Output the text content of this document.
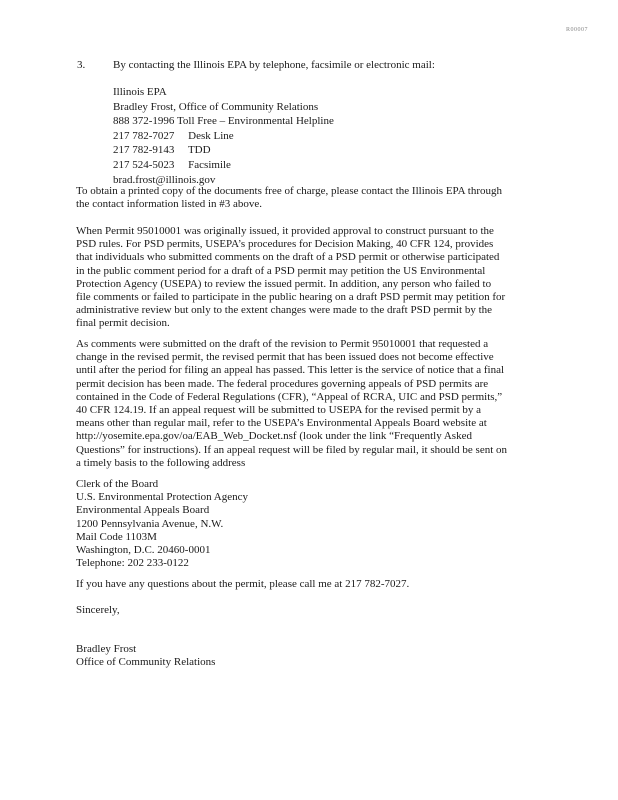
R00007
3.	By contacting the Illinois EPA by telephone, facsimile or electronic mail:
Illinois EPA
Bradley Frost, Office of Community Relations
888 372-1996 Toll Free – Environmental Helpline
217 782-7027     Desk Line
217 782-9143     TDD
217 524-5023     Facsimile
brad.frost@illinois.gov
To obtain a printed copy of the documents free of charge, please contact the Illinois EPA through
the contact information listed in #3 above.
When Permit 95010001 was originally issued, it provided approval to construct pursuant to the
PSD rules. For PSD permits, USEPA’s procedures for Decision Making, 40 CFR 124, provides
that individuals who submitted comments on the draft of a PSD permit or otherwise participated
in the public comment period for a draft of a PSD permit may petition the US Environmental
Protection Agency (USEPA) to review the issued permit. In addition, any person who failed to
file comments or failed to participate in the public hearing on a draft PSD permit may petition for
administrative review but only to the extent changes were made to the draft PSD permit by the
final permit decision.
As comments were submitted on the draft of the revision to Permit 95010001 that requested a
change in the revised permit, the revised permit that has been issued does not become effective
until after the period for filing an appeal has passed. This letter is the service of notice that a final
permit decision has been made. The federal procedures governing appeals of PSD permits are
contained in the Code of Federal Regulations (CFR), “Appeal of RCRA, UIC and PSD permits,”
40 CFR 124.19. If an appeal request will be submitted to USEPA for the revised permit by a
means other than regular mail, refer to the USEPA’s Environmental Appeals Board website at
http://yosemite.epa.gov/oa/EAB_Web_Docket.nsf (look under the link “Frequently Asked
Questions” for instructions). If an appeal request will be filed by regular mail, it should be sent on
a timely basis to the following address
Clerk of the Board
U.S. Environmental Protection Agency
Environmental Appeals Board
1200 Pennsylvania Avenue, N.W.
Mail Code 1103M
Washington, D.C. 20460-0001
Telephone: 202 233-0122
If you have any questions about the permit, please call me at 217 782-7027.
Sincerely,
Bradley Frost
Office of Community Relations
